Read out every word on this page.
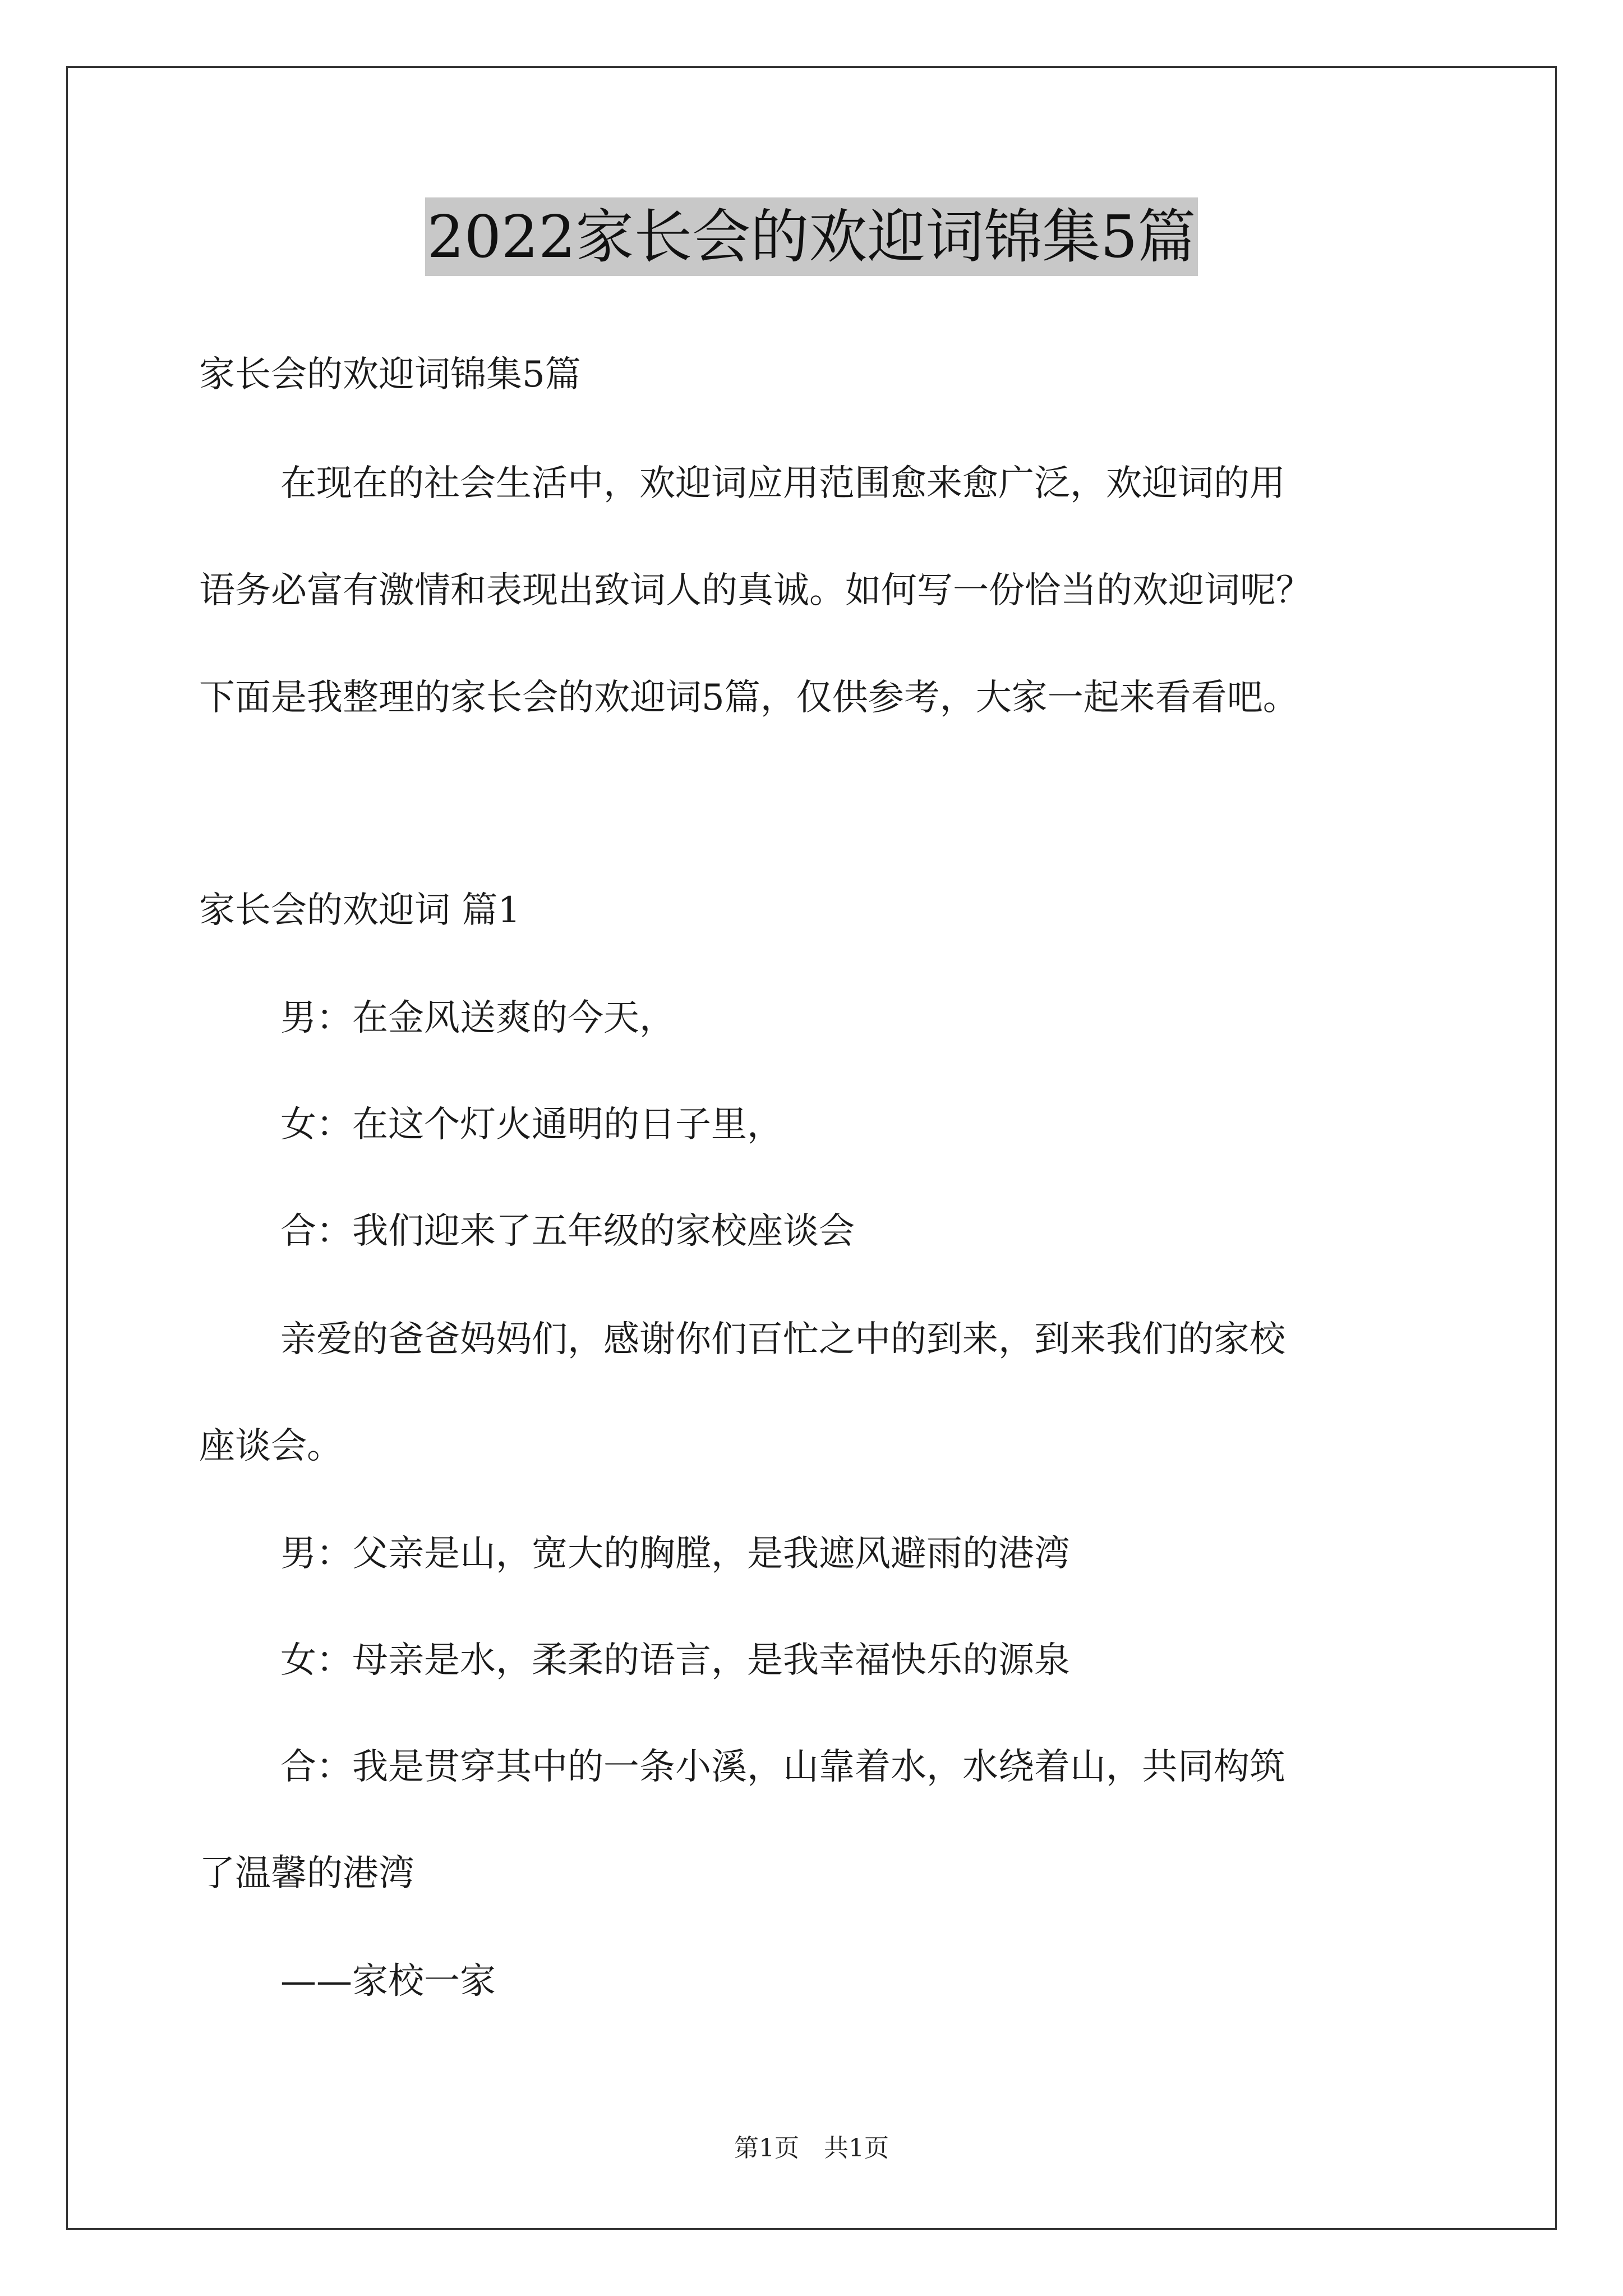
2022家长会的欢迎词锦集5篇
家长会的欢迎词锦集5篇
在现在的社会生活中，欢迎词应用范围愈来愈广泛，欢迎词的用
语务必富有激情和表现出致词人的真诚。如何写一份恰当的欢迎词呢？
下面是我整理的家长会的欢迎词5篇，仅供参考，大家一起来看看吧。
家长会的欢迎词 篇1
男：在金风送爽的今天，
女：在这个灯火通明的日子里，
合：我们迎来了五年级的家校座谈会
亲爱的爸爸妈妈们，感谢你们百忙之中的到来，到来我们的家校
座谈会。
男：父亲是山，宽大的胸膛，是我遮风避雨的港湾
女：母亲是水，柔柔的语言，是我幸福快乐的源泉
合：我是贯穿其中的一条小溪，山靠着水，水绕着山，共同构筑
了温馨的港湾
——家校一家
第1页　共1页
